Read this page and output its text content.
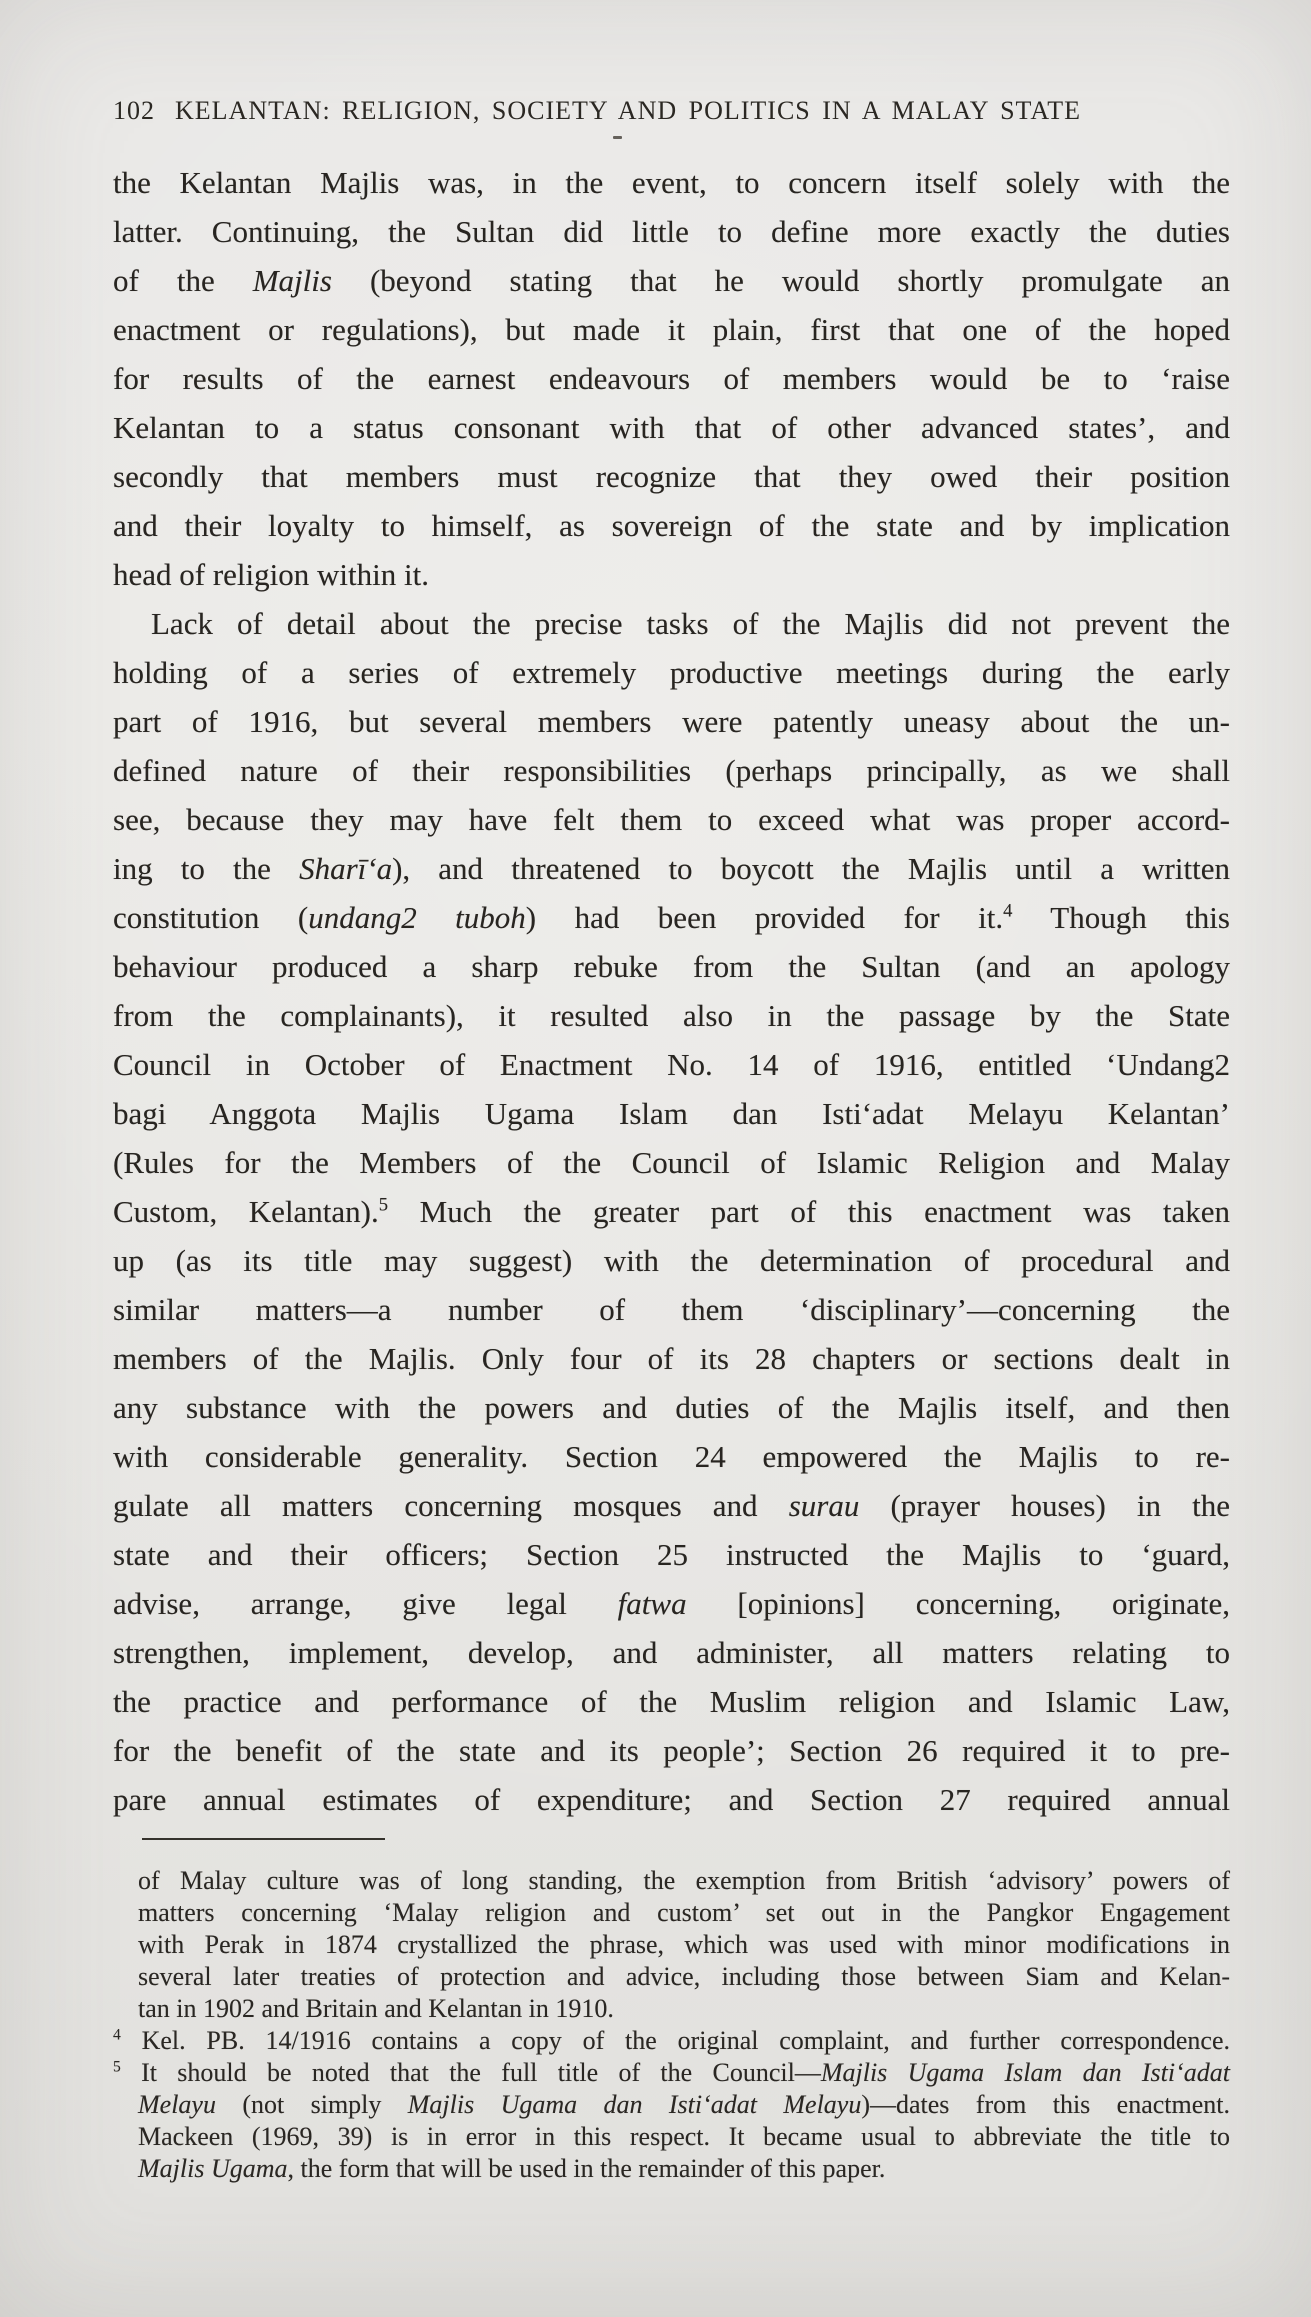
102 KELANTAN: RELIGION, SOCIETY AND POLITICS IN A MALAY STATE
the Kelantan Majlis was, in the event, to concern itself solely with the
latter. Continuing, the Sultan did little to define more exactly the duties
of the Majlis (beyond stating that he would shortly promulgate an
enactment or regulations), but made it plain, first that one of the hoped
for results of the earnest endeavours of members would be to ‘raise
Kelantan to a status consonant with that of other advanced states’, and
secondly that members must recognize that they owed their position
and their loyalty to himself, as sovereign of the state and by implication
head of religion within it.
Lack of detail about the precise tasks of the Majlis did not prevent the
holding of a series of extremely productive meetings during the early
part of 1916, but several members were patently uneasy about the un-
defined nature of their responsibilities (perhaps principally, as we shall
see, because they may have felt them to exceed what was proper accord-
ing to the Sharī‘a), and threatened to boycott the Majlis until a written
constitution (undang2 tuboh) had been provided for it.$^4$ Though this
behaviour produced a sharp rebuke from the Sultan (and an apology
from the complainants), it resulted also in the passage by the State
Council in October of Enactment No. 14 of 1916, entitled ‘Undang2
bagi Anggota Majlis Ugama Islam dan Isti‘adat Melayu Kelantan’
(Rules for the Members of the Council of Islamic Religion and Malay
Custom, Kelantan).$^5$ Much the greater part of this enactment was taken
up (as its title may suggest) with the determination of procedural and
similar matters—a number of them ‘disciplinary’—concerning the
members of the Majlis. Only four of its 28 chapters or sections dealt in
any substance with the powers and duties of the Majlis itself, and then
with considerable generality. Section 24 empowered the Majlis to re-
gulate all matters concerning mosques and surau (prayer houses) in the
state and their officers; Section 25 instructed the Majlis to ‘guard,
advise, arrange, give legal fatwa [opinions] concerning, originate,
strengthen, implement, develop, and administer, all matters relating to
the practice and performance of the Muslim religion and Islamic Law,
for the benefit of the state and its people’; Section 26 required it to pre-
pare annual estimates of expenditure; and Section 27 required annual
of Malay culture was of long standing, the exemption from British ‘advisory’ powers of
matters concerning ‘Malay religion and custom’ set out in the Pangkor Engagement
with Perak in 1874 crystallized the phrase, which was used with minor modifications in
several later treaties of protection and advice, including those between Siam and Kelan-
tan in 1902 and Britain and Kelantan in 1910.
$^4$ Kel. PB. 14/1916 contains a copy of the original complaint, and further correspondence.
$^5$ It should be noted that the full title of the Council—Majlis Ugama Islam dan Isti‘adat
Melayu (not simply Majlis Ugama dan Isti‘adat Melayu)—dates from this enactment.
Mackeen (1969, 39) is in error in this respect. It became usual to abbreviate the title to
Majlis Ugama, the form that will be used in the remainder of this paper.
